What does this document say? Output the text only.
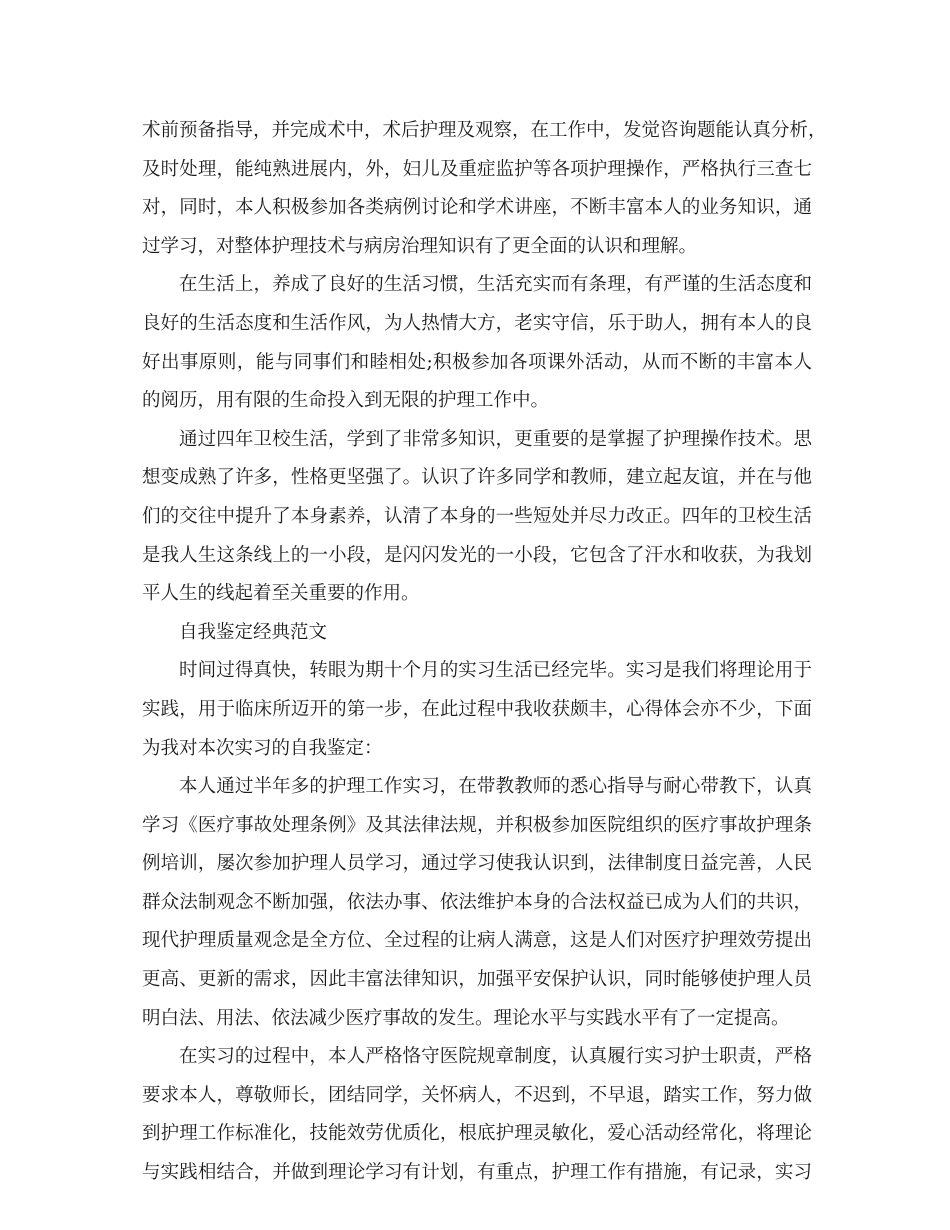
术前预备指导，并完成术中，术后护理及观察，在工作中，发觉咨询题能认真分析，
及时处理，能纯熟进展内，外，妇儿及重症监护等各项护理操作，严格执行三查七
对，同时，本人积极参加各类病例讨论和学术讲座，不断丰富本人的业务知识，通
过学习，对整体护理技术与病房治理知识有了更全面的认识和理解。
在生活上，养成了良好的生活习惯，生活充实而有条理，有严谨的生活态度和
良好的生活态度和生活作风，为人热情大方，老实守信，乐于助人，拥有本人的良
好出事原则，能与同事们和睦相处;积极参加各项课外活动，从而不断的丰富本人
的阅历，用有限的生命投入到无限的护理工作中。
通过四年卫校生活，学到了非常多知识，更重要的是掌握了护理操作技术。思
想变成熟了许多，性格更坚强了。认识了许多同学和教师，建立起友谊，并在与他
们的交往中提升了本身素养，认清了本身的一些短处并尽力改正。四年的卫校生活
是我人生这条线上的一小段，是闪闪发光的一小段，它包含了汗水和收获，为我划
平人生的线起着至关重要的作用。
自我鉴定经典范文
时间过得真快，转眼为期十个月的实习生活已经完毕。实习是我们将理论用于
实践，用于临床所迈开的第一步，在此过程中我收获颇丰，心得体会亦不少，下面
为我对本次实习的自我鉴定：
本人通过半年多的护理工作实习，在带教教师的悉心指导与耐心带教下，认真
学习《医疗事故处理条例》及其法律法规，并积极参加医院组织的医疗事故护理条
例培训，屡次参加护理人员学习，通过学习使我认识到，法律制度日益完善，人民
群众法制观念不断加强，依法办事、依法维护本身的合法权益已成为人们的共识，
现代护理质量观念是全方位、全过程的让病人满意，这是人们对医疗护理效劳提出
更高、更新的需求，因此丰富法律知识，加强平安保护认识，同时能够使护理人员
明白法、用法、依法减少医疗事故的发生。理论水平与实践水平有了一定提高。
在实习的过程中，本人严格恪守医院规章制度，认真履行实习护士职责，严格
要求本人，尊敬师长，团结同学，关怀病人，不迟到，不早退，踏实工作，努力做
到护理工作标准化，技能效劳优质化，根底护理灵敏化，爱心活动经常化，将理论
与实践相结合，并做到理论学习有计划，有重点，护理工作有措施，有记录，实习
